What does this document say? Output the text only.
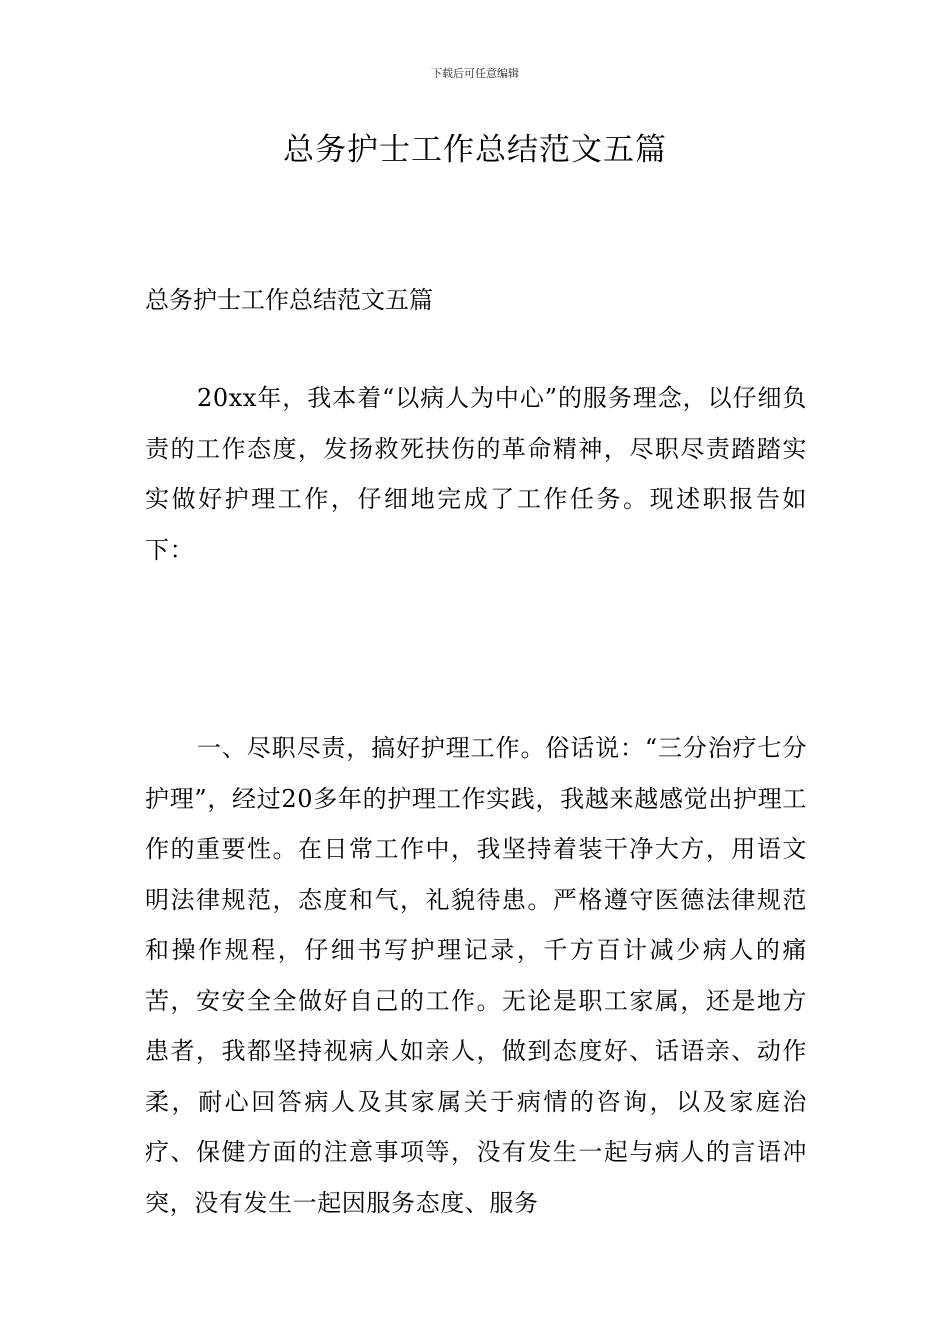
下载后可任意编辑
总务护士工作总结范文五篇

总务护士工作总结范文五篇

20xx年，我本着“以病人为中心”的服务理念，以仔细负责的工作态度，发扬救死扶伤的革命精神，尽职尽责踏踏实实做好护理工作，仔细地完成了工作任务。现述职报告如下：

一、尽职尽责，搞好护理工作。俗话说：“三分治疗七分护理”，经过20多年的护理工作实践，我越来越感觉出护理工作的重要性。在日常工作中，我坚持着装干净大方，用语文明法律规范，态度和气，礼貌待患。严格遵守医德法律规范和操作规程，仔细书写护理记录，千方百计减少病人的痛苦，安安全全做好自己的工作。无论是职工家属，还是地方患者，我都坚持视病人如亲人，做到态度好、话语亲、动作柔，耐心回答病人及其家属关于病情的咨询，以及家庭治疗、保健方面的注意事项等，没有发生一起与病人的言语冲突，没有发生一起因服务态度、服务
